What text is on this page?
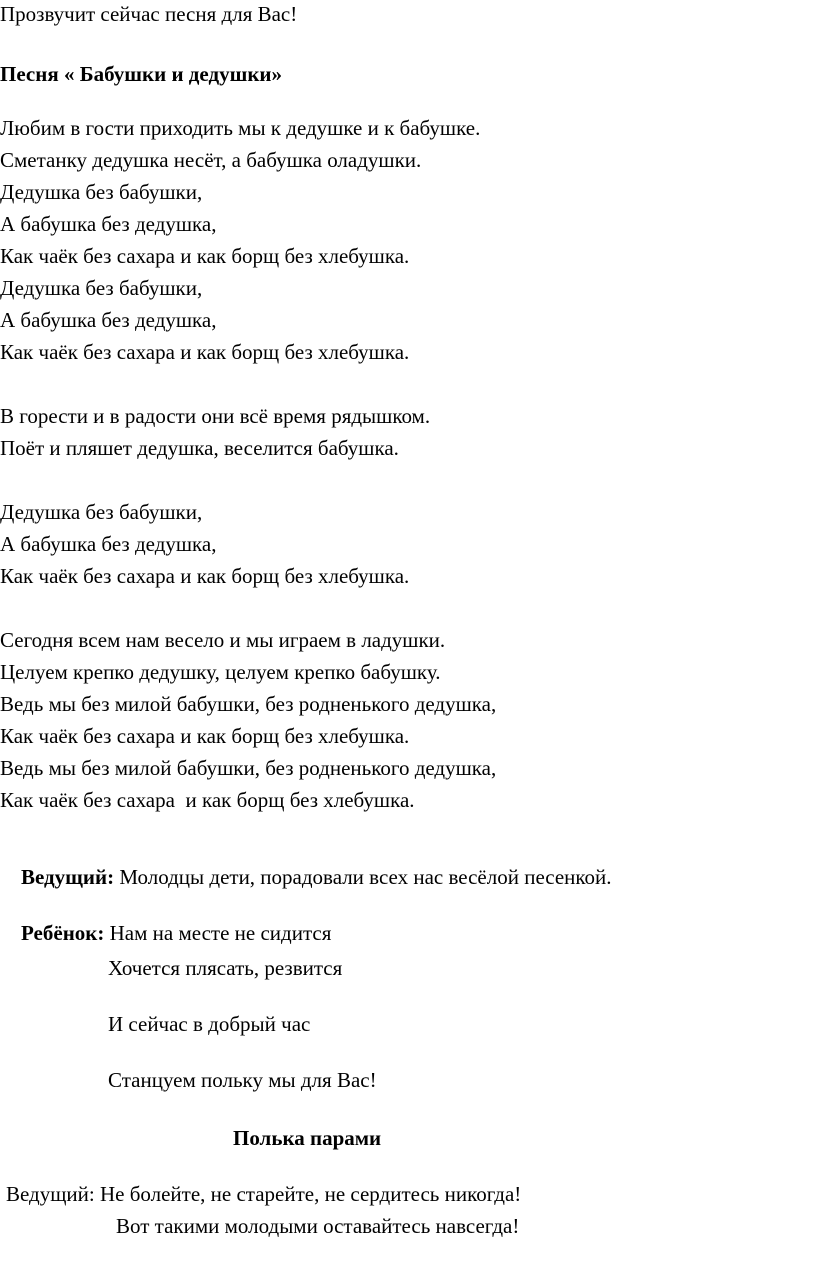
Прозвучит сейчас песня для Вас!
Песня « Бабушки и дедушки»
Любим в гости приходить мы к дедушке и к бабушке.
Сметанку дедушка несёт, а бабушка оладушки.
Дедушка без бабушки,
А бабушка без дедушка,
Как чаёк без сахара и как борщ без хлебушка.
Дедушка без бабушки,
А бабушка без дедушка,
Как чаёк без сахара и как борщ без хлебушка.
В горести и в радости они всё время рядышком.
Поёт и пляшет дедушка, веселится бабушка.
Дедушка без бабушки,
А бабушка без дедушка,
Как чаёк без сахара и как борщ без хлебушка.
Сегодня всем нам весело и мы играем в ладушки.
Целуем крепко дедушку, целуем крепко бабушку.
Ведь мы без милой бабушки, без родненького дедушка,
Как чаёк без сахара и как борщ без хлебушка.
Ведь мы без милой бабушки, без родненького дедушка,
Как чаёк без сахара  и как борщ без хлебушка.

Ведущий: Молодцы дети, порадовали всех нас весёлой песенкой.

Ребёнок: Нам на месте не сидится

Хочется плясать, резвится
И сейчас в добрый час
Станцуем польку мы для Вас!
Полька парами
Ведущий: Не болейте, не старейте, не сердитесь никогда!
Вот такими молодыми оставайтесь навсегда!
